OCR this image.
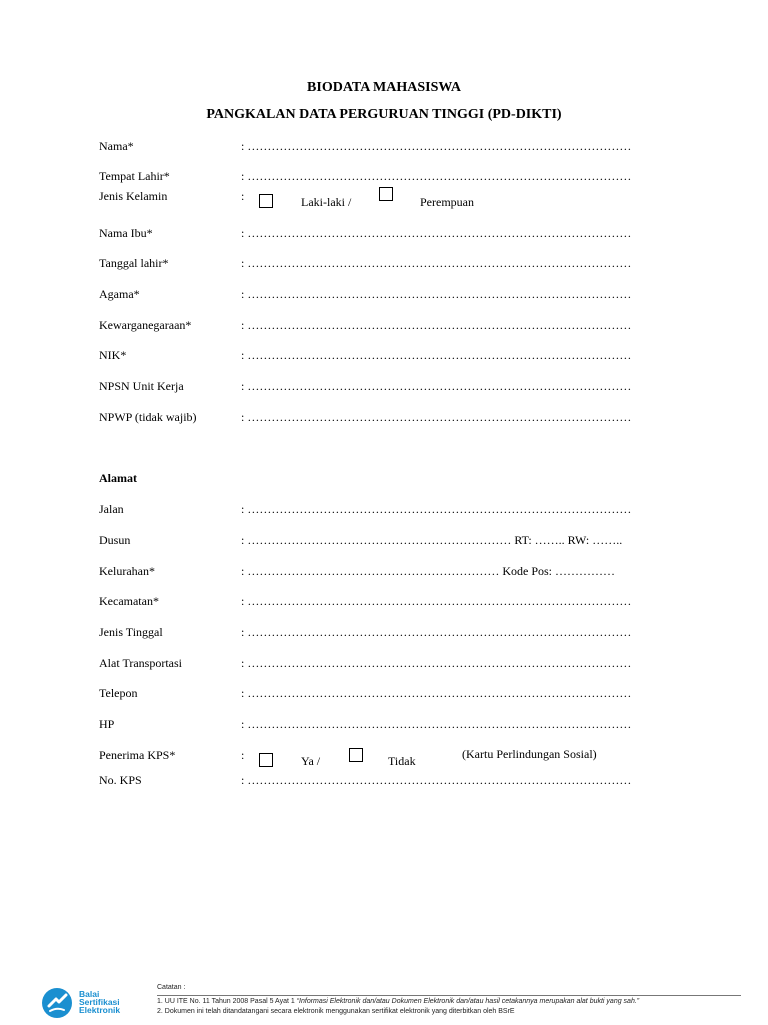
BIODATA MAHASISWA
PANGKALAN DATA PERGURUAN TINGGI (PD-DIKTI)
Nama*	: ……………………………………………………………………………………
Tempat Lahir*	: ……………………………………………………………………………………
Jenis Kelamin	:	Laki-laki /	Perempuan
Nama Ibu*	: ……………………………………………………………………………………
Tanggal lahir*	: ……………………………………………………………………………………
Agama*	: ……………………………………………………………………………………
Kewarganegaraan*	: ……………………………………………………………………………………
NIK*	: ……………………………………………………………………………………
NPSN Unit Kerja	: ……………………………………………………………………………………
NPWP (tidak wajib)	: ……………………………………………………………………………………
Alamat
Jalan	: ……………………………………………………………………………………
Dusun	: ………………………………………………………… RT: …….. RW: ……..
Kelurahan*	: ……………………………………………………… Kode Pos: ……………
Kecamatan*	: ……………………………………………………………………………………
Jenis Tinggal	: ……………………………………………………………………………………
Alat Transportasi	: ……………………………………………………………………………………
Telepon	: ……………………………………………………………………………………
HP	: ……………………………………………………………………………………
Penerima KPS*	:	Ya /	Tidak	(Kartu Perlindungan Sosial)
No. KPS	: ……………………………………………………………………………………
Balai
Sertifikasi
Elektronik
Catatan :
1. UU ITE No. 11 Tahun 2008 Pasal 5 Ayat 1 “Informasi Elektronik dan/atau Dokumen Elektronik dan/atau hasil cetakannya merupakan alat bukti yang sah.”
2. Dokumen ini telah ditandatangani secara elektronik menggunakan sertifikat elektronik yang diterbitkan oleh BSrE
